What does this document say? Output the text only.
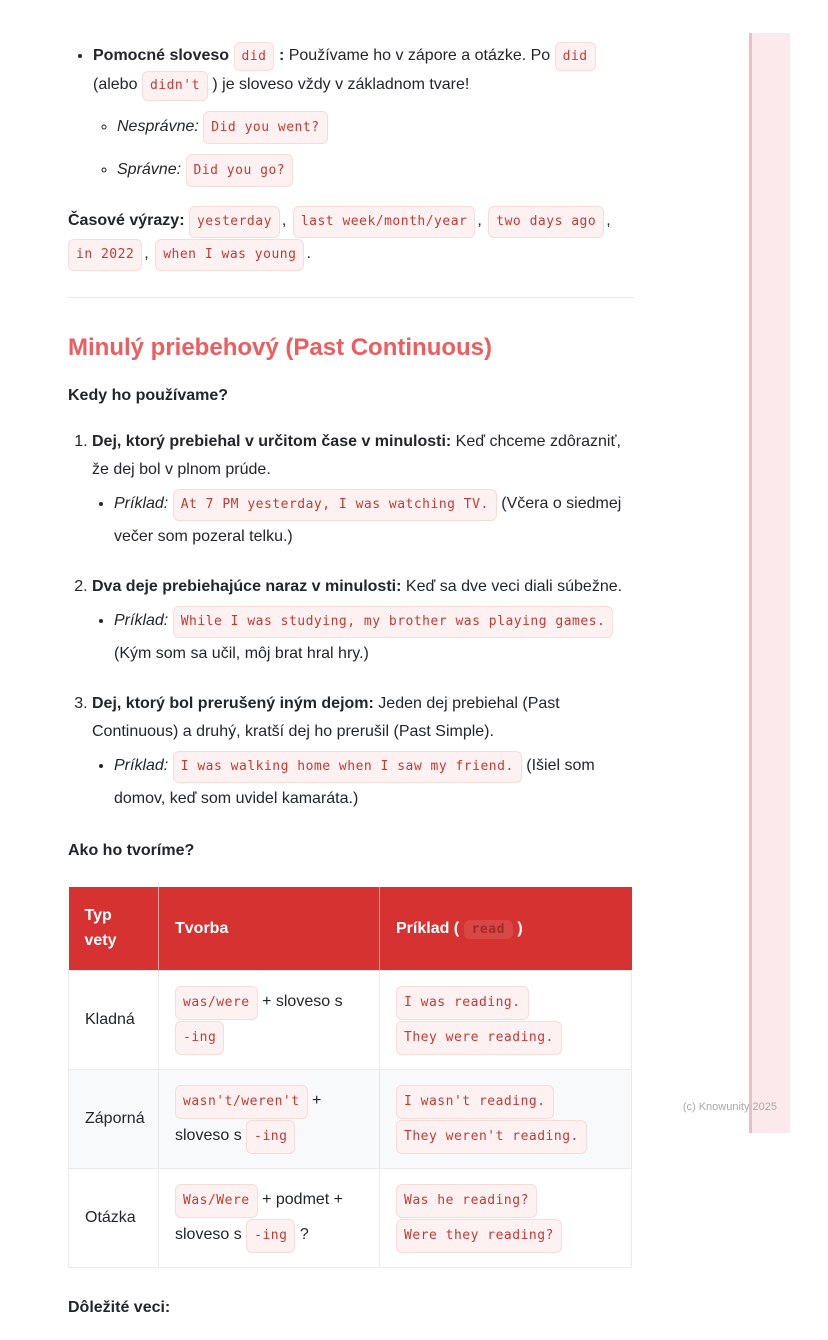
• Pomocné sloveso did : Používame ho v zápore a otázke. Po did (alebo didn't ) je sloveso vždy v základnom tvare!
◦ Nesprávne: Did you went?
◦ Správne: Did you go?

Časové výrazy: yesterday , last week/month/year , two days ago , in 2022 , when I was young .

Minulý priebehový (Past Continuous)

Kedy ho používame?

1. Dej, ktorý prebiehal v určitom čase v minulosti: Keď chceme zdôrazniť, že dej bol v plnom prúde.
• Príklad: At 7 PM yesterday, I was watching TV. (Včera o siedmej večer som pozeral telku.)
2. Dva deje prebiehajúce naraz v minulosti: Keď sa dve veci diali súbežne.
• Príklad: While I was studying, my brother was playing games. (Kým som sa učil, môj brat hral hry.)
3. Dej, ktorý bol prerušený iným dejom: Jeden dej prebiehal (Past Continuous) a druhý, kratší dej ho prerušil (Past Simple).
• Príklad: I was walking home when I saw my friend. (Išiel som domov, keď som uvidel kamaráta.)

Ako ho tvoríme?

Typ vety	Tvorba	Príklad ( read )
Kladná	was/were + sloveso s -ing	I was reading. They were reading.
Záporná	wasn't/weren't + sloveso s -ing	I wasn't reading. They weren't reading.
Otázka	Was/Were + podmet + sloveso s -ing ?	Was he reading? Were they reading?

Dôležité veci:

(c) Knowunity 2025
